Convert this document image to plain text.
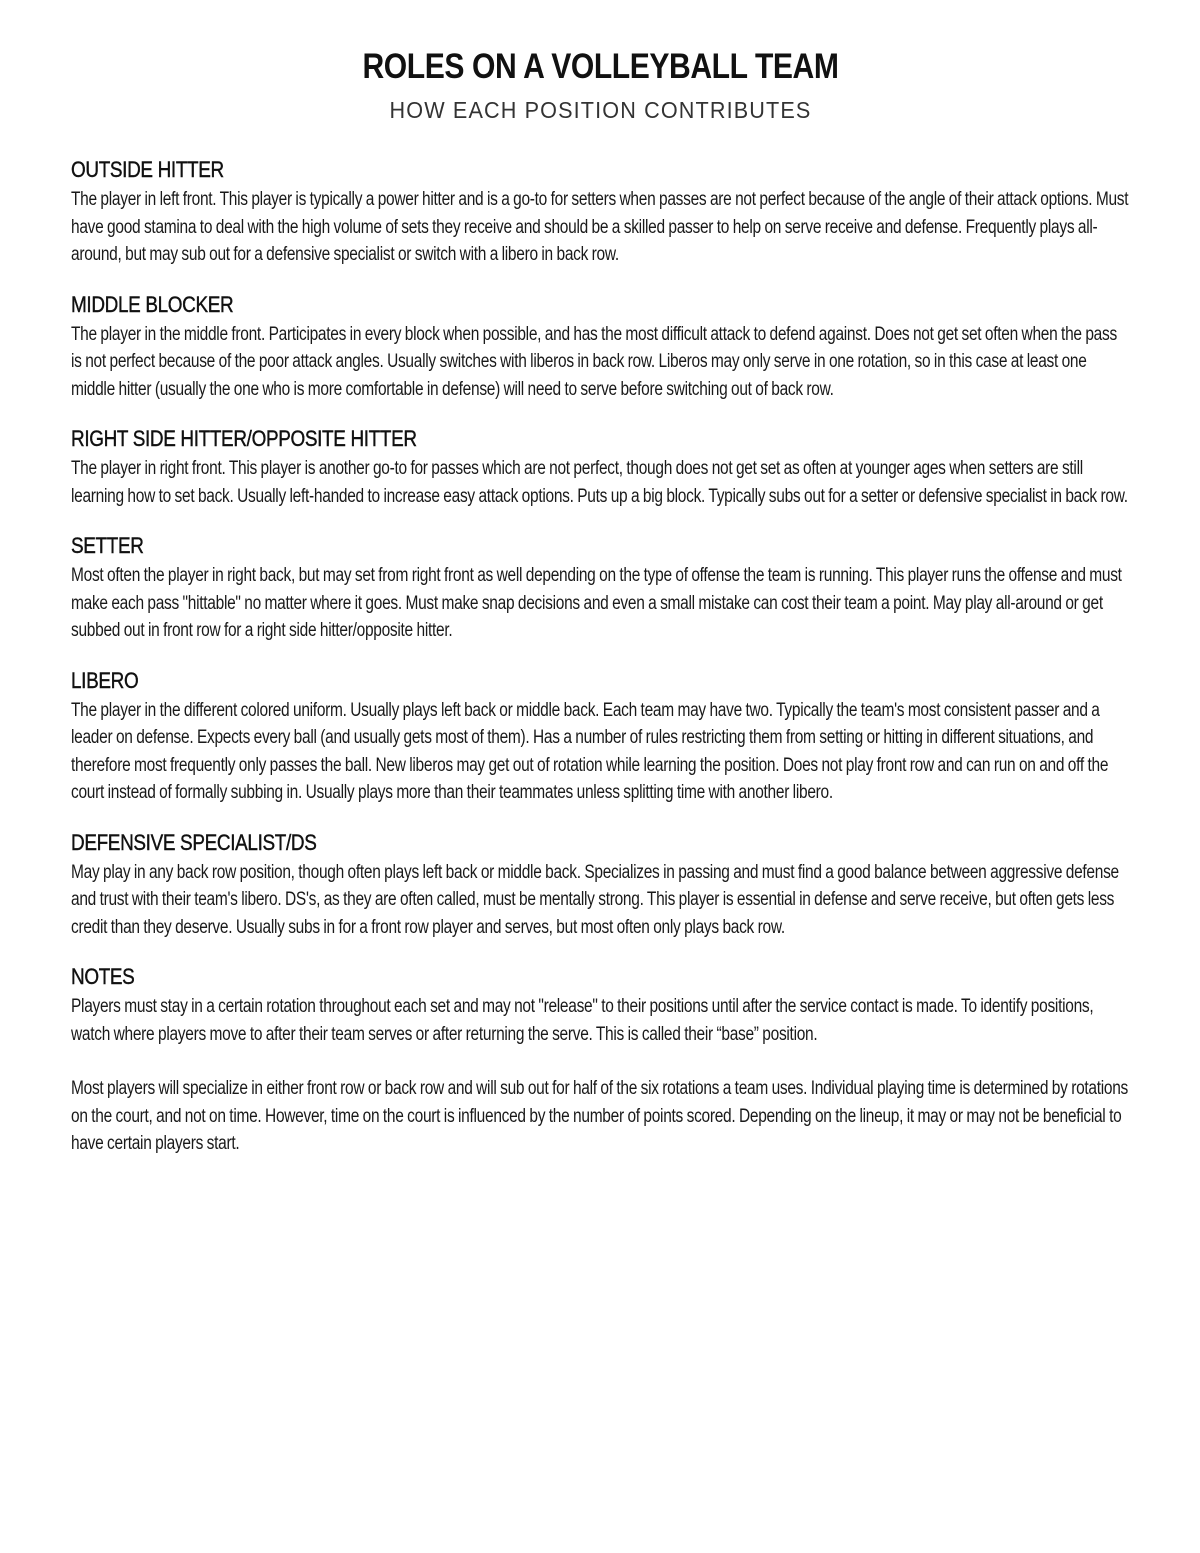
ROLES ON A VOLLEYBALL TEAM
HOW EACH POSITION CONTRIBUTES
OUTSIDE HITTER

The player in left front. This player is typically a power hitter and is a go-to for setters when passes are not perfect because of the angle of their attack options. Must have good stamina to deal with the high volume of sets they receive and should be a skilled passer to help on serve receive and defense. Frequently plays all-around, but may sub out for a defensive specialist or switch with a libero in back row.

MIDDLE BLOCKER

The player in the middle front. Participates in every block when possible, and has the most difficult attack to defend against. Does not get set often when the pass is not perfect because of the poor attack angles. Usually switches with liberos in back row. Liberos may only serve in one rotation, so in this case at least one middle hitter (usually the one who is more comfortable in defense) will need to serve before switching out of back row.

RIGHT SIDE HITTER/OPPOSITE HITTER

The player in right front. This player is another go-to for passes which are not perfect, though does not get set as often at younger ages when setters are still learning how to set back. Usually left-handed to increase easy attack options. Puts up a big block. Typically subs out for a setter or defensive specialist in back row.

SETTER

Most often the player in right back, but may set from right front as well depending on the type of offense the team is running. This player runs the offense and must make each pass "hittable" no matter where it goes. Must make snap decisions and even a small mistake can cost their team a point. May play all-around or get subbed out in front row for a right side hitter/opposite hitter.

LIBERO

The player in the different colored uniform. Usually plays left back or middle back. Each team may have two. Typically the team's most consistent passer and a leader on defense. Expects every ball (and usually gets most of them). Has a number of rules restricting them from setting or hitting in different situations, and therefore most frequently only passes the ball. New liberos may get out of rotation while learning the position. Does not play front row and can run on and off the court instead of formally subbing in. Usually plays more than their teammates unless splitting time with another libero.

DEFENSIVE SPECIALIST/DS

May play in any back row position, though often plays left back or middle back. Specializes in passing and must find a good balance between aggressive defense and trust with their team's libero. DS's, as they are often called, must be mentally strong. This player is essential in defense and serve receive, but often gets less credit than they deserve. Usually subs in for a front row player and serves, but most often only plays back row.

NOTES

Players must stay in a certain rotation throughout each set and may not "release" to their positions until after the service contact is made. To identify positions, watch where players move to after their team serves or after returning the serve. This is called their “base” position.

Most players will specialize in either front row or back row and will sub out for half of the six rotations a team uses. Individual playing time is determined by rotations on the court, and not on time. However, time on the court is influenced by the number of points scored. Depending on the lineup, it may or may not be beneficial to have certain players start.
